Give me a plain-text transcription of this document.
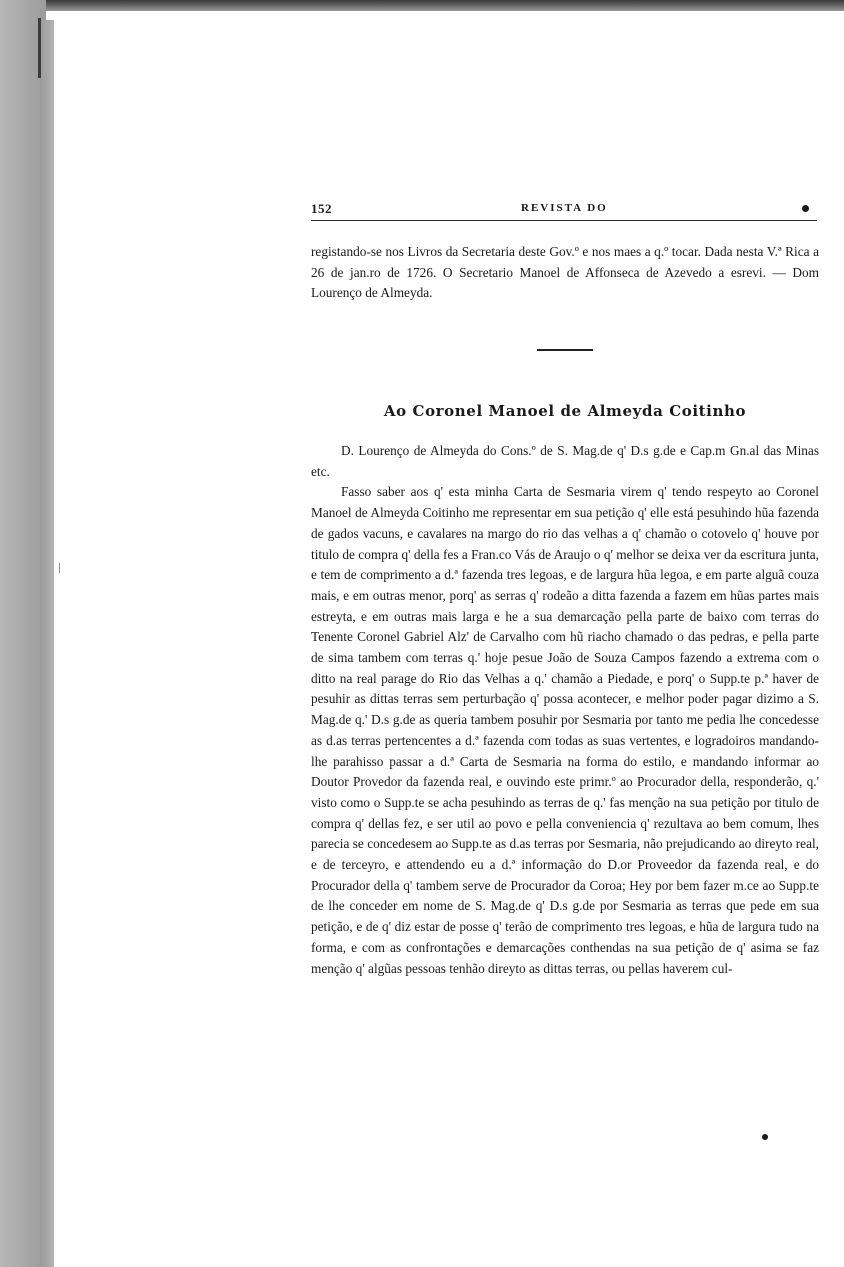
152	REVISTA DO

registando-se nos Livros da Secretaria deste Gov.º e nos maes a q.º tocar. Dada nesta V.ª Rica a 26 de jan.ro de 1726. O Secretario Manoel de Affonseca de Azevedo a esrevi. — Dom Lourenço de Almeyda.

Ao Coronel Manoel de Almeyda Coitinho

D. Lourenço de Almeyda do Cons.º de S. Mag.de q' D.s g.de e Cap.m Gn.al das Minas etc.

Fasso saber aos q' esta minha Carta de Sesmaria virem q' tendo respeyto ao Coronel Manoel de Almeyda Coitinho me representar em sua petição q' elle está pesuhindo hũa fazenda de gados vacuns, e cavalares na margo do rio das velhas a q' chamão o cotovelo q' houve por titulo de compra q' della fes a Fran.co Vás de Araujo o q' melhor se deixa ver da escritura junta, e tem de comprimento a d.ª fazenda tres legoas, e de largura hũa legoa, e em parte alguã couza mais, e em outras menor, porq' as serras q' rodeão a ditta fazenda a fazem em hũas partes mais estreyta, e em outras mais larga e he a sua demarcação pella parte de baixo com terras do Tenente Coronel Gabriel Alz' de Carvalho com hũ riacho chamado o das pedras, e pella parte de sima tambem com terras q.' hoje pesue João de Souza Campos fazendo a extrema com o ditto na real parage do Rio das Velhas a q.' chamão a Piedade, e porq' o Supp.te p.ª haver de pesuhir as dittas terras sem perturbação q' possa acontecer, e melhor poder pagar dizimo a S. Mag.de q.' D.s g.de as queria tambem posuhir por Sesmaria por tanto me pedia lhe concedesse as d.as terras pertencentes a d.ª fazenda com todas as suas vertentes, e logradoiros mandando-lhe parahisso passar a d.ª Carta de Sesmaria na forma do estilo, e mandando informar ao Doutor Provedor da fazenda real, e ouvindo este primr.º ao Procurador della, responderão, q.' visto como o Supp.te se acha pesuhindo as terras de q.' fas menção na sua petição por titulo de compra q' dellas fez, e ser util ao povo e pella conveniencia q' rezultava ao bem comum, lhes parecia se concedesem ao Supp.te as d.as terras por Sesmaria, não prejudicando ao direyto real, e de terceyro, e attendendo eu a d.ª informação do D.or Proveedor da fazenda real, e do Procurador della q' tambem serve de Procurador da Coroa; Hey por bem fazer m.ce ao Supp.te de lhe conceder em nome de S. Mag.de q' D.s g.de por Sesmaria as terras que pede em sua petição, e de q' diz estar de posse q' terão de comprimento tres legoas, e hũa de largura tudo na forma, e com as confrontações e demarcações conthendas na sua petição de q' asima se faz menção q' algũas pessoas tenhão direyto as dittas terras, ou pellas haverem cul-
